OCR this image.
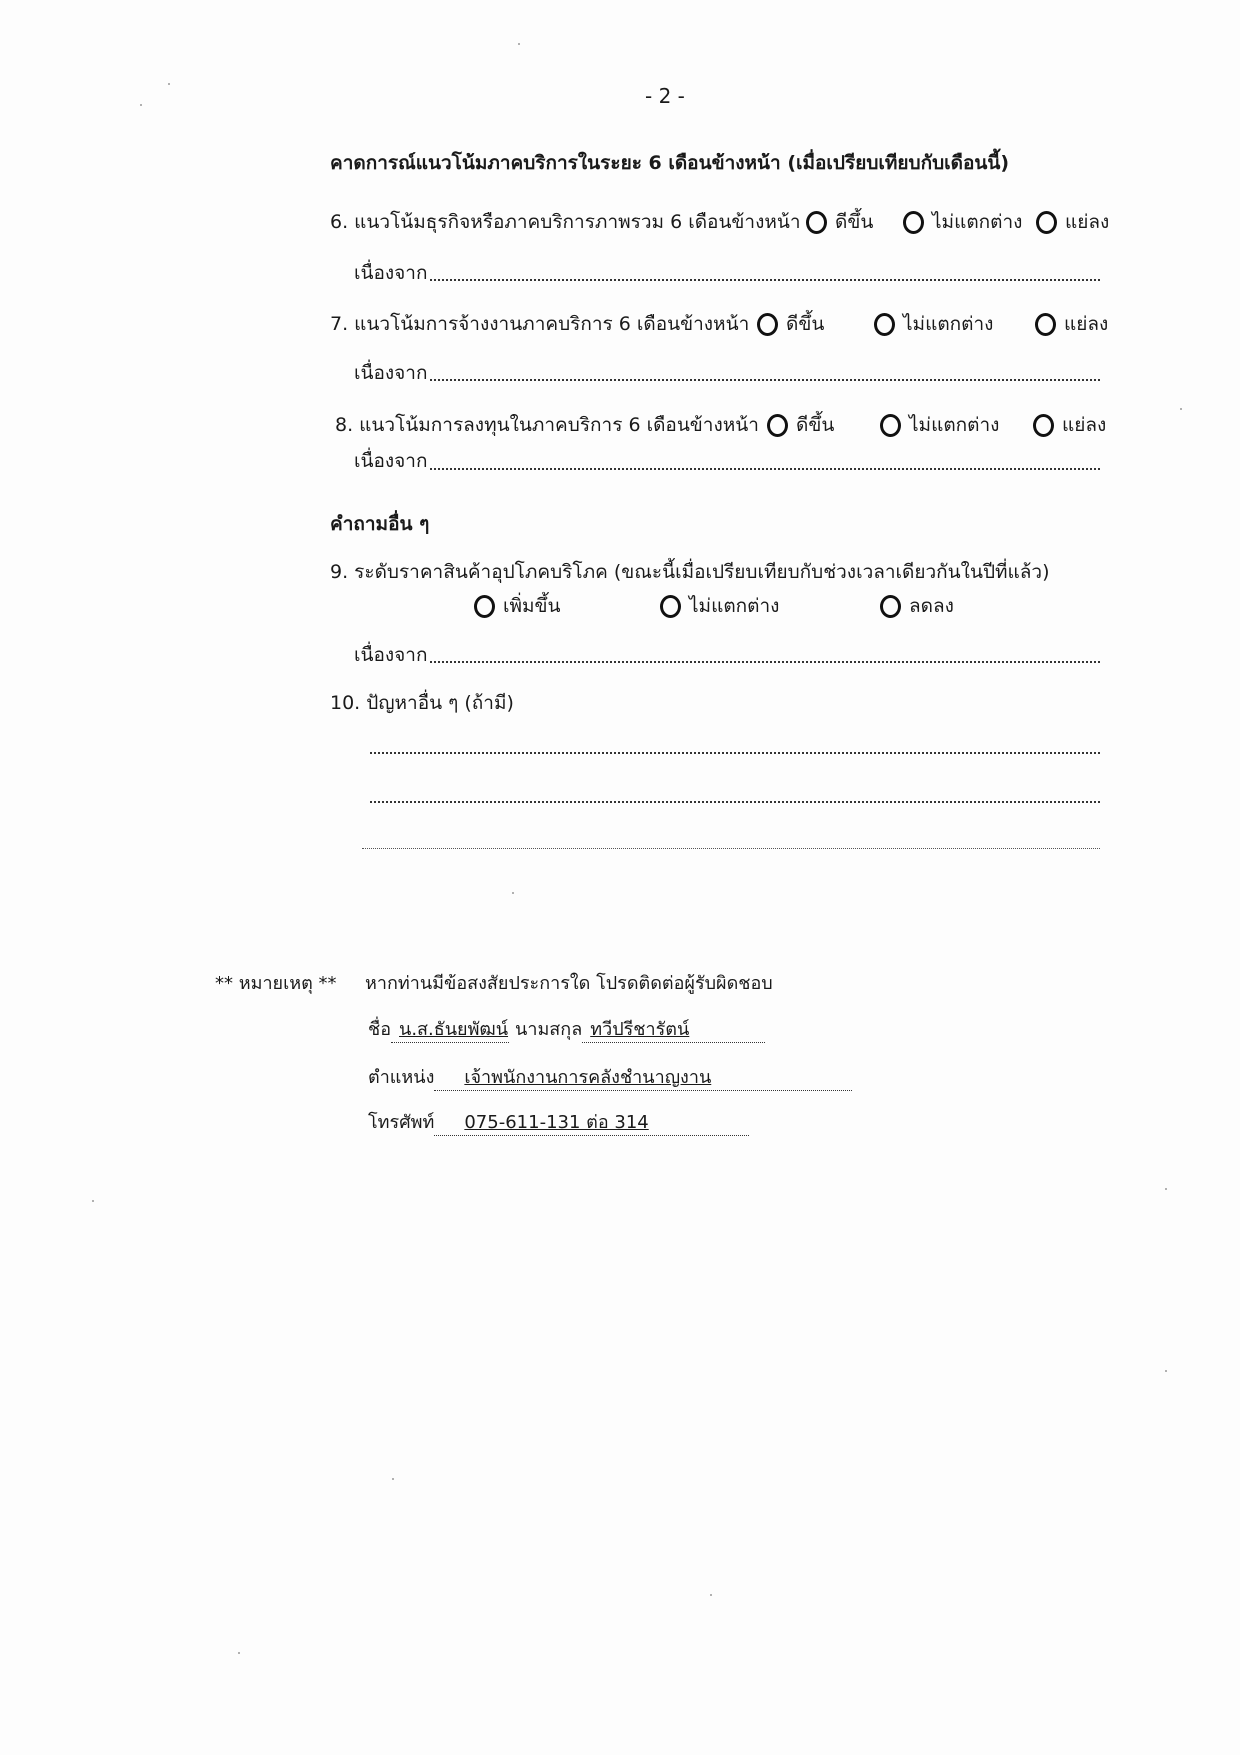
- 2 -
คาดการณ์แนวโน้มภาคบริการในระยะ 6 เดือนข้างหน้า (เมื่อเปรียบเทียบกับเดือนนี้)
6. แนวโน้มธุรกิจหรือภาคบริการภาพรวม 6 เดือนข้างหน้า ดีขึ้น	ไม่แตกต่าง แย่ลง
เนื่องจาก
7. แนวโน้มการจ้างงานภาคบริการ 6 เดือนข้างหน้า ดีขึ้น	ไม่แตกต่าง	แย่ลง
เนื่องจาก
8. แนวโน้มการลงทุนในภาคบริการ 6 เดือนข้างหน้า ดีขึ้น	ไม่แตกต่าง	แย่ลง
เนื่องจาก
คำถามอื่น ๆ
9. ระดับราคาสินค้าอุปโภคบริโภค (ขณะนี้เมื่อเปรียบเทียบกับช่วงเวลาเดียวกันในปีที่แล้ว)
เพิ่มขึ้น	ไม่แตกต่าง	ลดลง
เนื่องจาก
10. ปัญหาอื่น ๆ (ถ้ามี)
** หมายเหตุ ** หากท่านมีข้อสงสัยประการใด โปรดติดต่อผู้รับผิดชอบ
ชื่อ น.ส.ธันยพัฒน์ นามสกุล ทวีปรีชารัตน์
ตำแหน่ง	เจ้าพนักงานการคลังชำนาญงาน
โทรศัพท์	075-611-131 ต่อ 314
